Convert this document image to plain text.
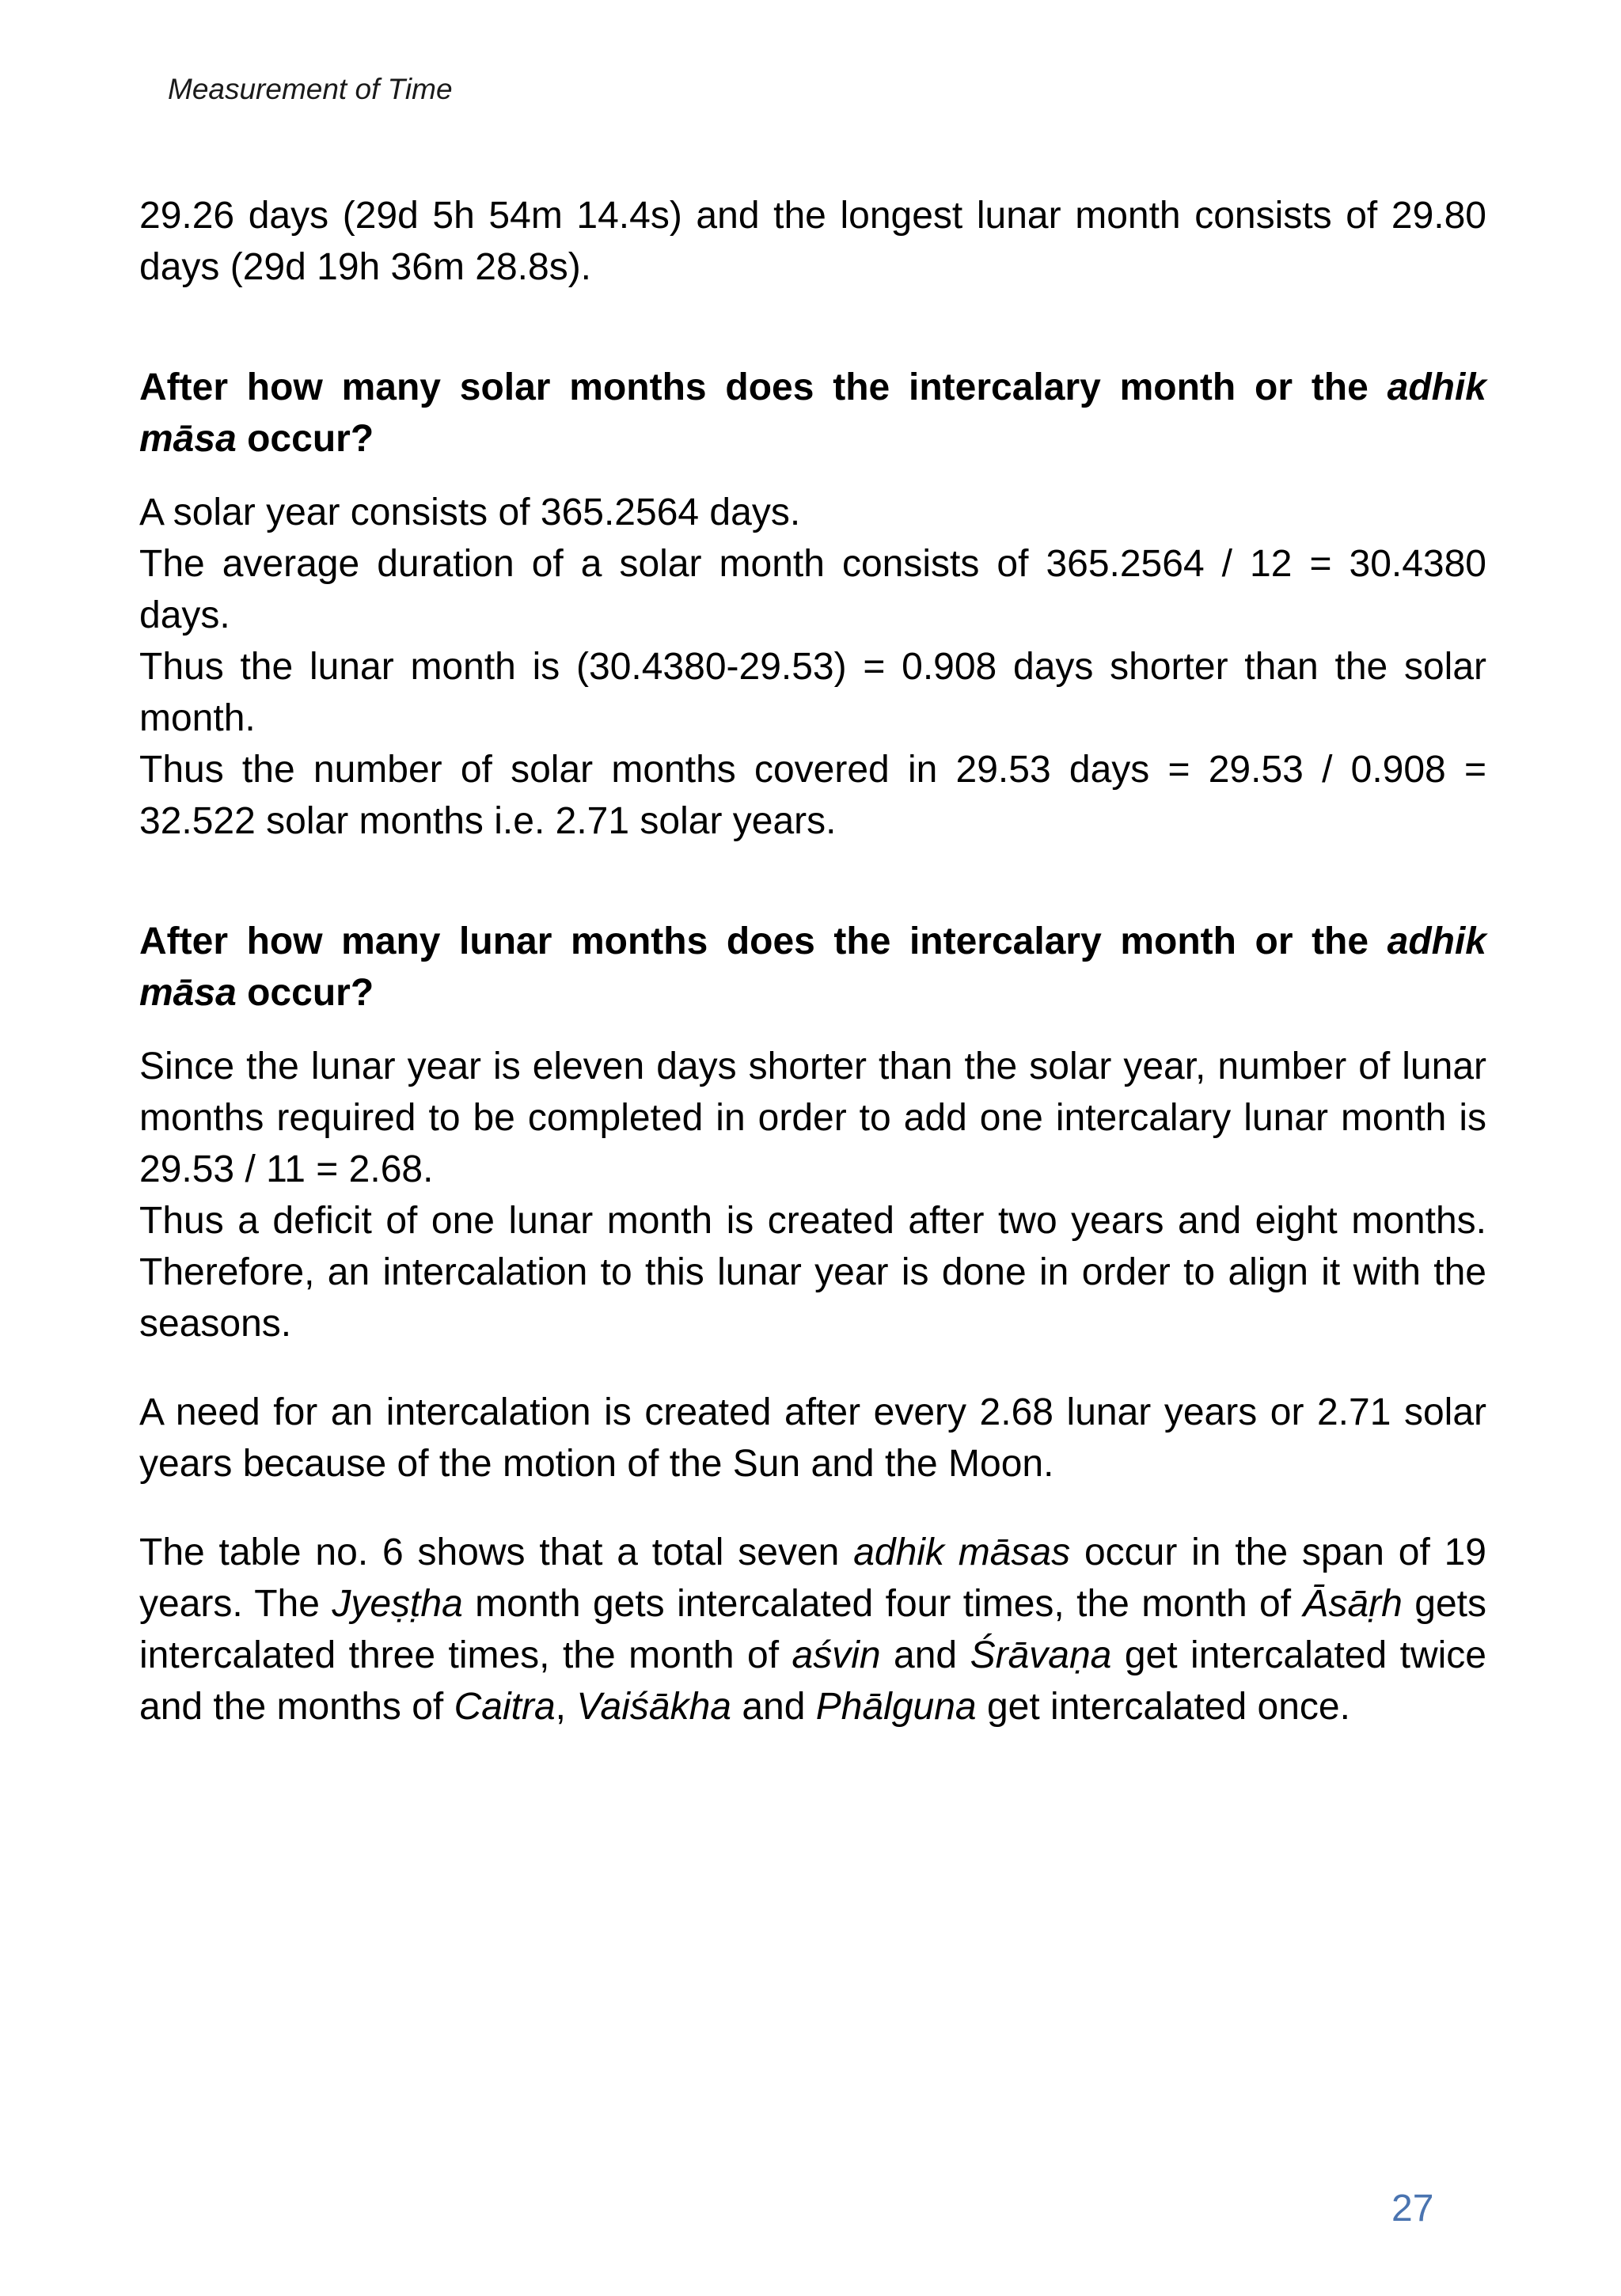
Measurement of Time

29.26 days (29d 5h 54m 14.4s) and the longest lunar month consists of 29.80 days (29d 19h 36m 28.8s).

After how many solar months does the intercalary month or the adhik māsa occur?

A solar year consists of 365.2564 days.

The average duration of a solar month consists of 365.2564 / 12 = 30.4380 days.

Thus the lunar month is (30.4380-29.53) = 0.908 days shorter than the solar month.

Thus the number of solar months covered in 29.53 days = 29.53 / 0.908 = 32.522 solar months i.e. 2.71 solar years.

After how many lunar months does the intercalary month or the adhik māsa occur?

Since the lunar year is eleven days shorter than the solar year, number of lunar months required to be completed in order to add one intercalary lunar month is 29.53 / 11 = 2.68.

Thus a deficit of one lunar month is created after two years and eight months. Therefore, an intercalation to this lunar year is done in order to align it with the seasons.

A need for an intercalation is created after every 2.68 lunar years or 2.71 solar years because of the motion of the Sun and the Moon.

The table no. 6 shows that a total seven adhik māsas occur in the span of 19 years. The Jyeṣṭha month gets intercalated four times, the month of Āsāṛh gets intercalated three times, the month of aśvin and Śrāvaṇa get intercalated twice and the months of Caitra, Vaiśākha and Phālguna get intercalated once.

27
